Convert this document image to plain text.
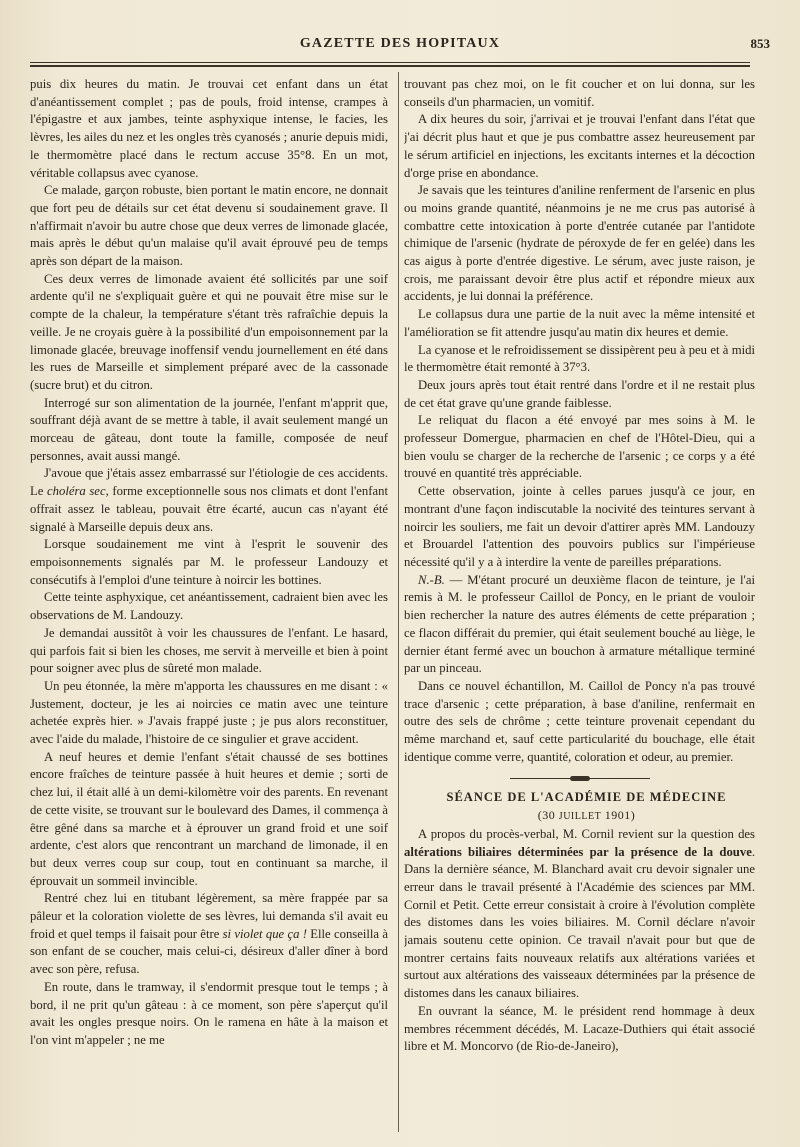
GAZETTE DES HOPITAUX	853

puis dix heures du matin. Je trouvai cet enfant dans un état d'anéantissement complet ; pas de pouls, froid intense, crampes à l'épigastre et aux jambes, teinte asphyxique intense, le facies, les lèvres, les ailes du nez et les ongles très cyanosés ; anurie depuis midi, le thermomètre placé dans le rectum accuse 35°8. En un mot, véritable collapsus avec cyanose.

Ce malade, garçon robuste, bien portant le matin encore, ne donnait que fort peu de détails sur cet état devenu si soudainement grave. Il n'affirmait n'avoir bu autre chose que deux verres de limonade glacée, mais après le début qu'un malaise qu'il avait éprouvé peu de temps après son départ de la maison.

Ces deux verres de limonade avaient été sollicités par une soif ardente qu'il ne s'expliquait guère et qui ne pouvait être mise sur le compte de la chaleur, la température s'étant très rafraîchie depuis la veille. Je ne croyais guère à la possibilité d'un empoisonnement par la limonade glacée, breuvage inoffensif vendu journellement en été dans les rues de Marseille et simplement préparé avec de la cassonade (sucre brut) et du citron.

Interrogé sur son alimentation de la journée, l'enfant m'apprit que, souffrant déjà avant de se mettre à table, il avait seulement mangé un morceau de gâteau, dont toute la famille, composée de neuf personnes, avait aussi mangé.

J'avoue que j'étais assez embarrassé sur l'étiologie de ces accidents. Le choléra sec, forme exceptionnelle sous nos climats et dont l'enfant offrait assez le tableau, pouvait être écarté, aucun cas n'ayant été signalé à Marseille depuis deux ans.

Lorsque soudainement me vint à l'esprit le souvenir des empoisonnements signalés par M. le professeur Landouzy et consécutifs à l'emploi d'une teinture à noircir les bottines.

Cette teinte asphyxique, cet anéantissement, cadraient bien avec les observations de M. Landouzy.

Je demandai aussitôt à voir les chaussures de l'enfant. Le hasard, qui parfois fait si bien les choses, me servit à merveille et bien à point pour soigner avec plus de sûreté mon malade.

Un peu étonnée, la mère m'apporta les chaussures en me disant : « Justement, docteur, je les ai noircies ce matin avec une teinture achetée exprès hier. » J'avais frappé juste ; je pus alors reconstituer, avec l'aide du malade, l'histoire de ce singulier et grave accident.

A neuf heures et demie l'enfant s'était chaussé de ses bottines encore fraîches de teinture passée à huit heures et demie ; sorti de chez lui, il était allé à un demi-kilomètre voir des parents. En revenant de cette visite, se trouvant sur le boulevard des Dames, il commença à être gêné dans sa marche et à éprouver un grand froid et une soif ardente, c'est alors que rencontrant un marchand de limonade, il en but deux verres coup sur coup, tout en continuant sa marche, il éprouvait un sommeil invincible.

Rentré chez lui en titubant légèrement, sa mère frappée par sa pâleur et la coloration violette de ses lèvres, lui demanda s'il avait eu froid et quel temps il faisait pour être si violet que ça ! Elle conseilla à son enfant de se coucher, mais celui-ci, désireux d'aller dîner à bord avec son père, refusa.

En route, dans le tramway, il s'endormit presque tout le temps ; à bord, il ne prit qu'un gâteau : à ce moment, son père s'aperçut qu'il avait les ongles presque noirs. On le ramena en hâte à la maison et l'on vint m'appeler ; ne me

trouvant pas chez moi, on le fit coucher et on lui donna, sur les conseils d'un pharmacien, un vomitif.

A dix heures du soir, j'arrivai et je trouvai l'enfant dans l'état que j'ai décrit plus haut et que je pus combattre assez heureusement par le sérum artificiel en injections, les excitants internes et la décoction d'orge prise en abondance.

Je savais que les teintures d'aniline renferment de l'arsenic en plus ou moins grande quantité, néanmoins je ne me crus pas autorisé à combattre cette intoxication à porte d'entrée cutanée par l'antidote chimique de l'arsenic (hydrate de péroxyde de fer en gelée) dans les cas aigus à porte d'entrée digestive. Le sérum, avec juste raison, je crois, me paraissant devoir être plus actif et répondre mieux aux accidents, je lui donnai la préférence.

Le collapsus dura une partie de la nuit avec la même intensité et l'amélioration se fit attendre jusqu'au matin dix heures et demie.

La cyanose et le refroidissement se dissipèrent peu à peu et à midi le thermomètre était remonté à 37°3.

Deux jours après tout était rentré dans l'ordre et il ne restait plus de cet état grave qu'une grande faiblesse.

Le reliquat du flacon a été envoyé par mes soins à M. le professeur Domergue, pharmacien en chef de l'Hôtel-Dieu, qui a bien voulu se charger de la recherche de l'arsenic ; ce corps y a été trouvé en quantité très appréciable.

Cette observation, jointe à celles parues jusqu'à ce jour, en montrant d'une façon indiscutable la nocivité des teintures servant à noircir les souliers, me fait un devoir d'attirer après MM. Landouzy et Brouardel l'attention des pouvoirs publics sur l'impérieuse nécessité qu'il y a à interdire la vente de pareilles préparations.

N.-B. — M'étant procuré un deuxième flacon de teinture, je l'ai remis à M. le professeur Caillol de Poncy, en le priant de vouloir bien rechercher la nature des autres éléments de cette préparation ; ce flacon différait du premier, qui était seulement bouché au liège, le dernier étant fermé avec un bouchon à armature métallique terminé par un pinceau.

Dans ce nouvel échantillon, M. Caillol de Poncy n'a pas trouvé trace d'arsenic ; cette préparation, à base d'aniline, renfermait en outre des sels de chrôme ; cette teinture provenait cependant du même marchand et, sauf cette particularité du bouchage, elle était identique comme verre, quantité, coloration et odeur, au premier.

SÉANCE DE L'ACADÉMIE DE MÉDECINE

(30 JUILLET 1901)

A propos du procès-verbal, M. Cornil revient sur la question des altérations biliaires déterminées par la présence de la douve. Dans la dernière séance, M. Blanchard avait cru devoir signaler une erreur dans le travail présenté à l'Académie des sciences par MM. Cornil et Petit. Cette erreur consistait à croire à l'évolution complète des distomes dans les voies biliaires. M. Cornil déclare n'avoir jamais soutenu cette opinion. Ce travail n'avait pour but que de montrer certains faits nouveaux relatifs aux altérations variées et surtout aux altérations des vaisseaux déterminées par la présence de distomes dans les canaux biliaires.

En ouvrant la séance, M. le président rend hommage à deux membres récemment décédés, M. Lacaze-Duthiers qui était associé libre et M. Moncorvo (de Rio-de-Janeiro),
